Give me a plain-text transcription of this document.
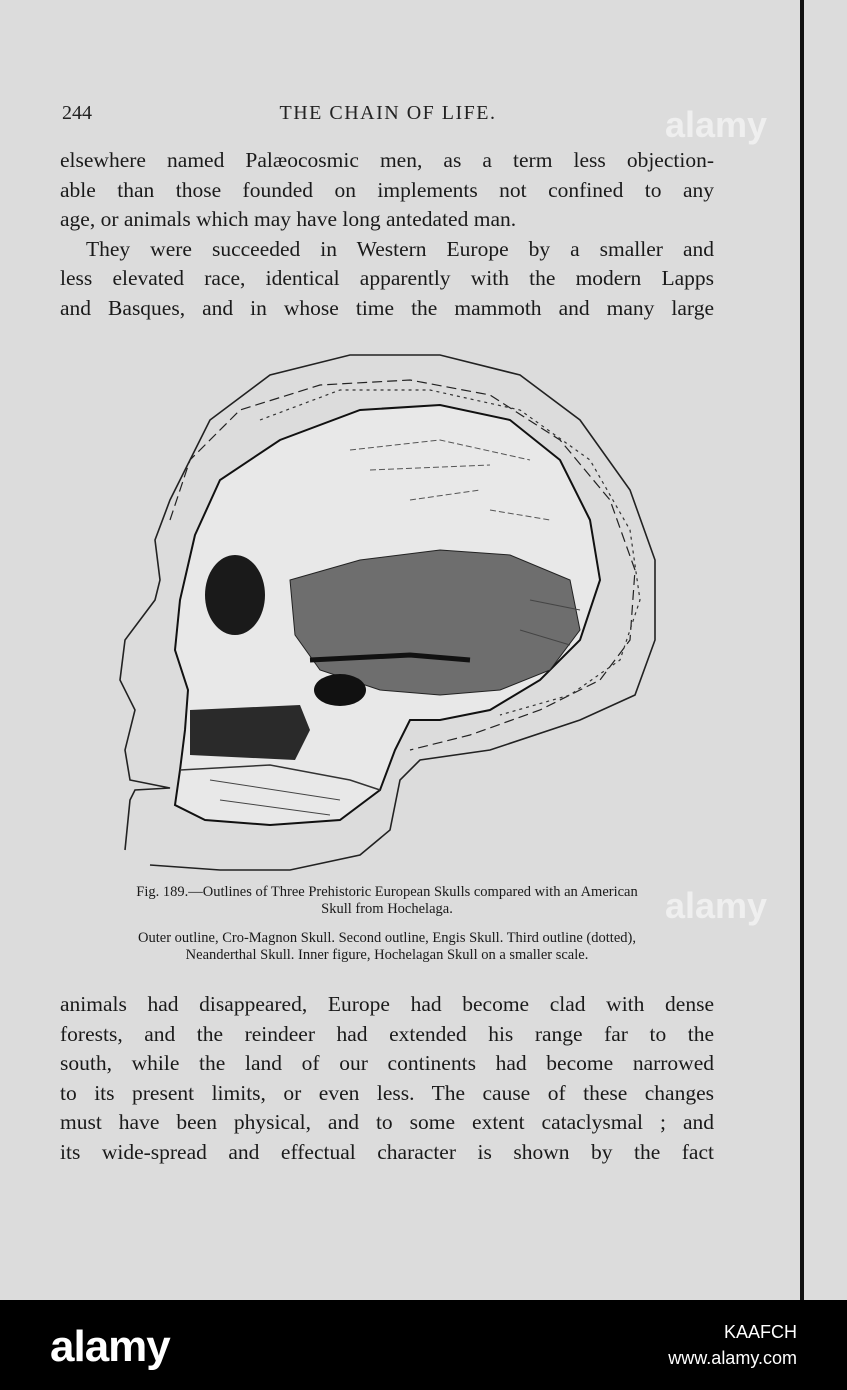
244	THE CHAIN OF LIFE.

elsewhere named Palæocosmic men, as a term less objection-
able than those founded on implements not confined to any
age, or animals which may have long antedated man.
They were succeeded in Western Europe by a smaller and
less elevated race, identical apparently with the modern Lapps
and Basques, and in whose time the mammoth and many large

Fig. 189.—Outlines of Three Prehistoric European Skulls compared with an American
Skull from Hochelaga.

Outer outline, Cro-Magnon Skull. Second outline, Engis Skull. Third outline (dotted),
Neanderthal Skull. Inner figure, Hochelagan Skull on a smaller scale.

animals had disappeared, Europe had become clad with dense
forests, and the reindeer had extended his range far to the
south, while the land of our continents had become narrowed
to its present limits, or even less. The cause of these changes
must have been physical, and to some extent cataclysmal ; and
its wide-spread and effectual character is shown by the fact

alamy
alamy
alamy	KAAFCH
www.alamy.com
